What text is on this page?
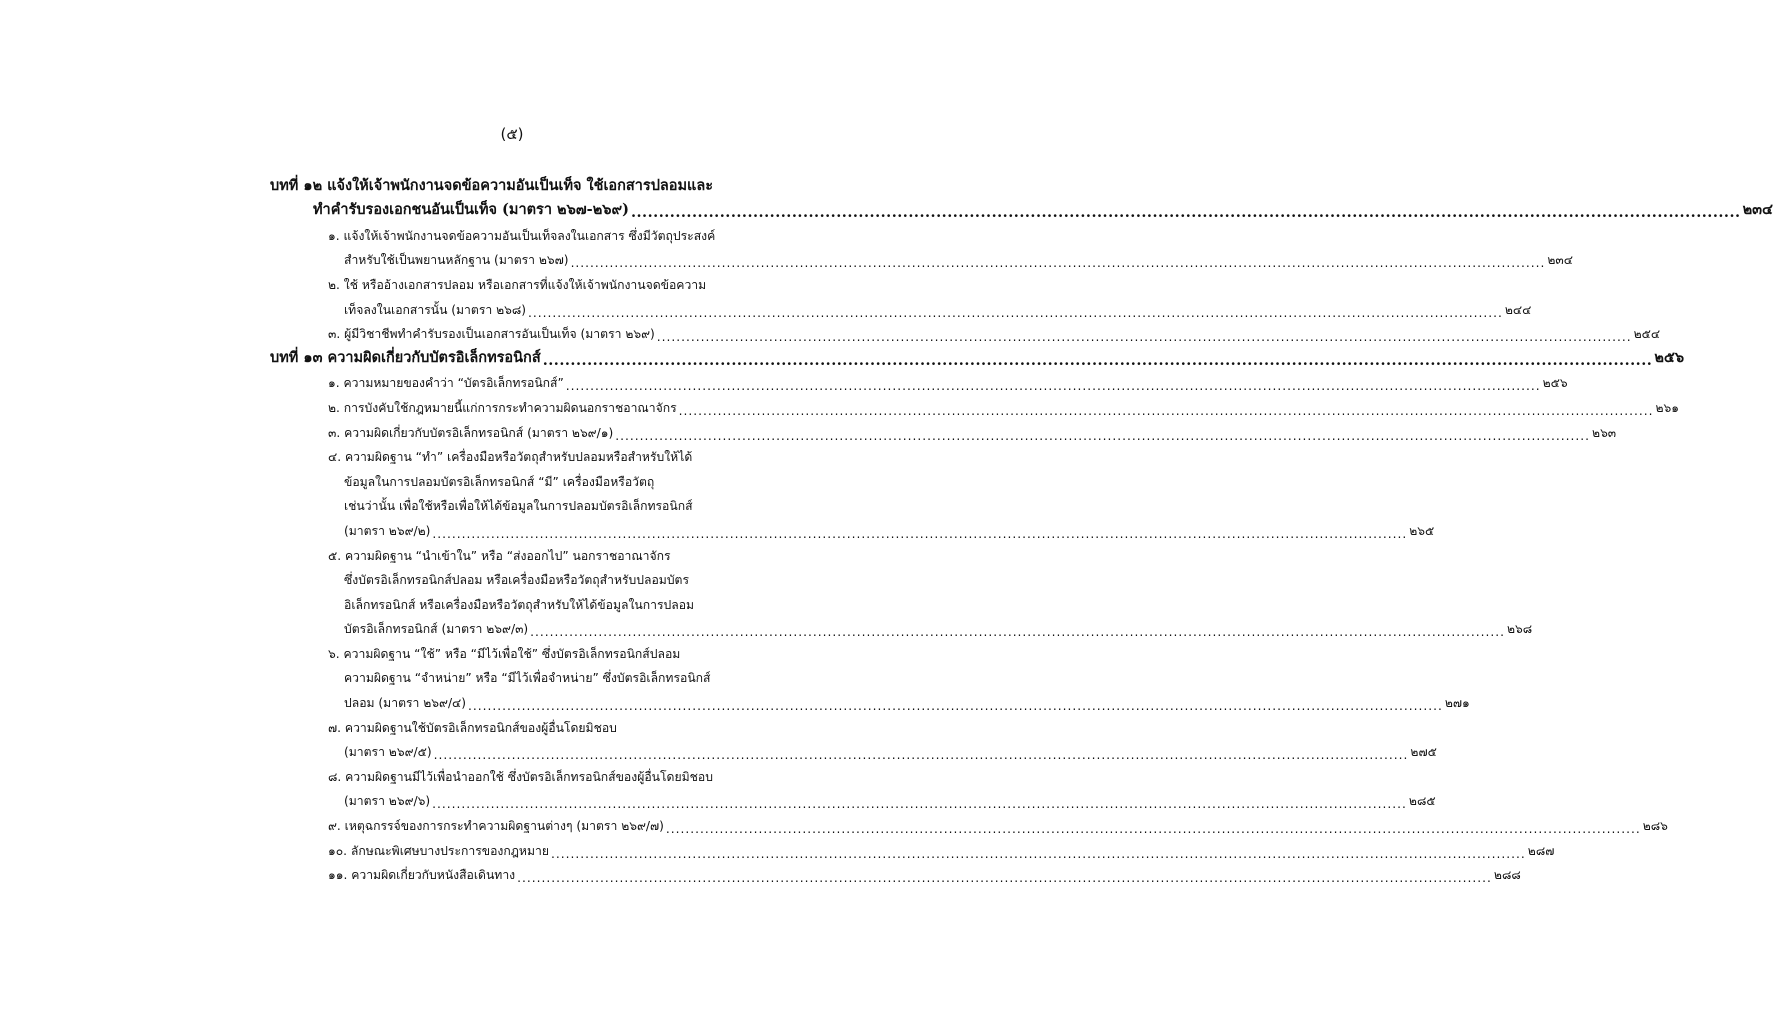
(๕)
บทที่ ๑๒ แจ้งให้เจ้าพนักงานจดข้อความอันเป็นเท็จ ใช้เอกสารปลอมและ
ทำคำรับรองเอกชนอันเป็นเท็จ (มาตรา ๒๖๗-๒๖๙) ........................................................................................................................................................................................................ ๒๓๔
๑. แจ้งให้เจ้าพนักงานจดข้อความอันเป็นเท็จลงในเอกสาร ซึ่งมีวัตถุประสงค์
สำหรับใช้เป็นพยานหลักฐาน (มาตรา ๒๖๗) ........................................................................................................................................................................................................ ๒๓๔
๒. ใช้ หรืออ้างเอกสารปลอม หรือเอกสารที่แจ้งให้เจ้าพนักงานจดข้อความ
เท็จลงในเอกสารนั้น (มาตรา ๒๖๘) ........................................................................................................................................................................................................ ๒๔๔
๓. ผู้มีวิชาชีพทำคำรับรองเป็นเอกสารอันเป็นเท็จ (มาตรา ๒๖๙) ........................................................................................................................................................................................................ ๒๕๔
บทที่ ๑๓ ความผิดเกี่ยวกับบัตรอิเล็กทรอนิกส์ ........................................................................................................................................................................................................ ๒๕๖
๑. ความหมายของคำว่า “บัตรอิเล็กทรอนิกส์” ........................................................................................................................................................................................................ ๒๕๖
๒. การบังคับใช้กฎหมายนี้แก่การกระทำความผิดนอกราชอาณาจักร ........................................................................................................................................................................................................ ๒๖๑
๓. ความผิดเกี่ยวกับบัตรอิเล็กทรอนิกส์ (มาตรา ๒๖๙/๑) ........................................................................................................................................................................................................ ๒๖๓
๔. ความผิดฐาน “ทำ” เครื่องมือหรือวัตถุสำหรับปลอมหรือสำหรับให้ได้
ข้อมูลในการปลอมบัตรอิเล็กทรอนิกส์ “มี” เครื่องมือหรือวัตถุ
เช่นว่านั้น เพื่อใช้หรือเพื่อให้ได้ข้อมูลในการปลอมบัตรอิเล็กทรอนิกส์
(มาตรา ๒๖๙/๒) ........................................................................................................................................................................................................ ๒๖๕
๕. ความผิดฐาน “นำเข้าใน” หรือ “ส่งออกไป” นอกราชอาณาจักร
ซึ่งบัตรอิเล็กทรอนิกส์ปลอม หรือเครื่องมือหรือวัตถุสำหรับปลอมบัตร
อิเล็กทรอนิกส์ หรือเครื่องมือหรือวัตถุสำหรับให้ได้ข้อมูลในการปลอม
บัตรอิเล็กทรอนิกส์ (มาตรา ๒๖๙/๓) ........................................................................................................................................................................................................ ๒๖๘
๖. ความผิดฐาน “ใช้” หรือ “มีไว้เพื่อใช้” ซึ่งบัตรอิเล็กทรอนิกส์ปลอม
ความผิดฐาน “จำหน่าย” หรือ “มีไว้เพื่อจำหน่าย” ซึ่งบัตรอิเล็กทรอนิกส์
ปลอม (มาตรา ๒๖๙/๔) ........................................................................................................................................................................................................ ๒๗๑
๗. ความผิดฐานใช้บัตรอิเล็กทรอนิกส์ของผู้อื่นโดยมิชอบ
(มาตรา ๒๖๙/๕) ........................................................................................................................................................................................................ ๒๗๕
๘. ความผิดฐานมีไว้เพื่อนำออกใช้ ซึ่งบัตรอิเล็กทรอนิกส์ของผู้อื่นโดยมิชอบ
(มาตรา ๒๖๙/๖) ........................................................................................................................................................................................................ ๒๘๕
๙. เหตุฉกรรจ์ของการกระทำความผิดฐานต่างๆ (มาตรา ๒๖๙/๗) ........................................................................................................................................................................................................ ๒๘๖
๑๐. ลักษณะพิเศษบางประการของกฎหมาย ........................................................................................................................................................................................................ ๒๘๗
๑๑. ความผิดเกี่ยวกับหนังสือเดินทาง ........................................................................................................................................................................................................ ๒๘๘
